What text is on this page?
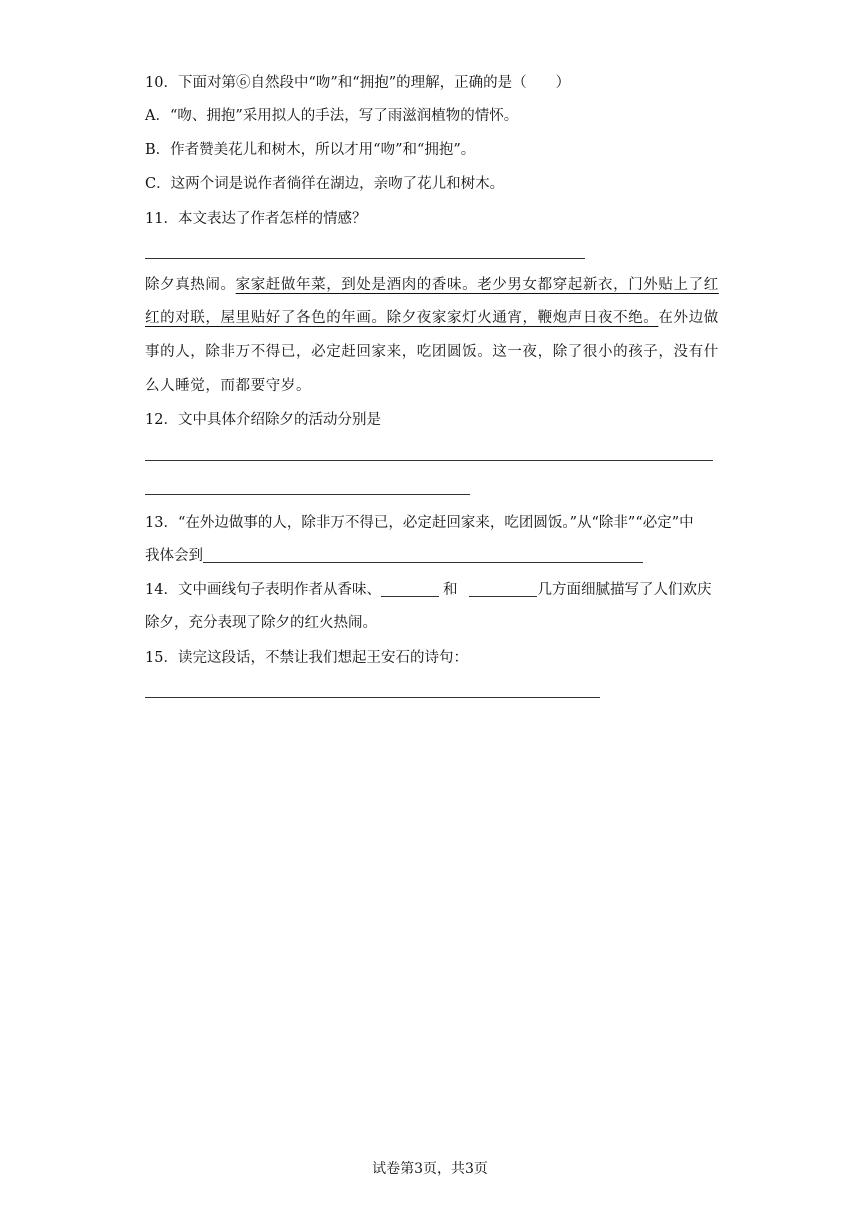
10．下面对第⑥自然段中“吻”和“拥抱”的理解，正确的是（　　）
A．“吻、拥抱”采用拟人的手法，写了雨滋润植物的情怀。
B．作者赞美花儿和树木，所以才用“吻”和“拥抱”。
C．这两个词是说作者徜徉在湖边，亲吻了花儿和树木。
11．本文表达了作者怎样的情感？
除夕真热闹。家家赶做年菜，到处是酒肉的香味。老少男女都穿起新衣，门外贴上了红
红的对联，屋里贴好了各色的年画。除夕夜家家灯火通宵，鞭炮声日夜不绝。在外边做
事的人，除非万不得已，必定赶回家来，吃团圆饭。这一夜，除了很小的孩子，没有什
么人睡觉，而都要守岁。
12．文中具体介绍除夕的活动分别是
13．“在外边做事的人，除非万不得已，必定赶回家来，吃团圆饭。”从“除非”“必定”中
我体会到
14．文中画线句子表明作者从香味、	和	几方面细腻描写了人们欢庆
除夕，充分表现了除夕的红火热闹。
15．读完这段话，不禁让我们想起王安石的诗句：
试卷第3页，共3页
